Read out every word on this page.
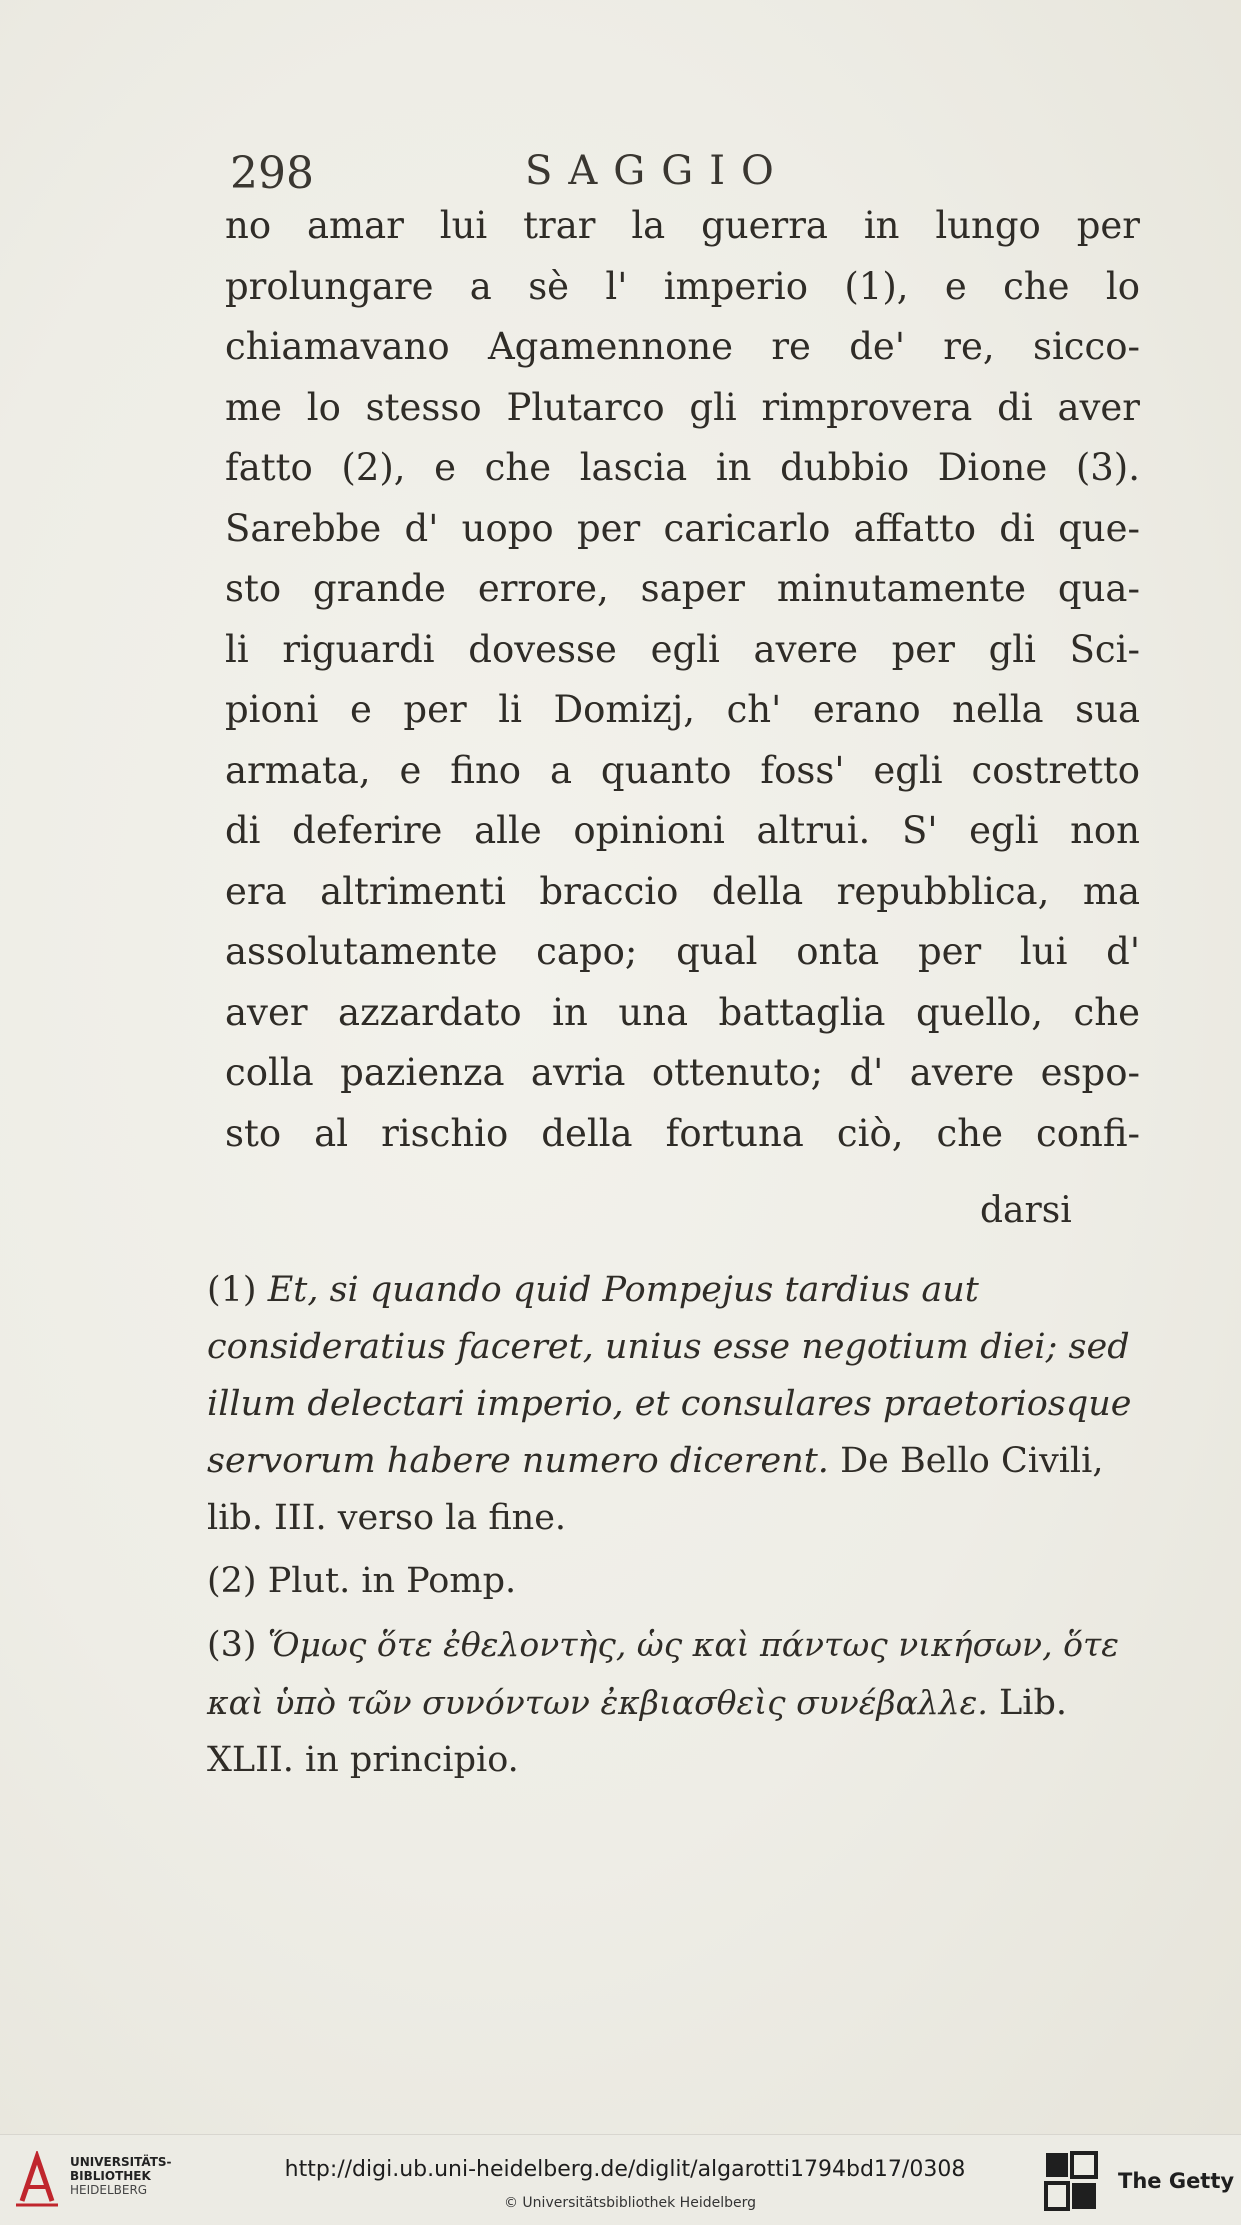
298	SAGGIO
no amar lui trar la guerra in lungo per
prolungare a sè l' imperio (1), e che lo
chiamavano Agamennone re de' re, sicco-
me lo stesso Plutarco gli rimprovera di aver
fatto (2), e che lascia in dubbio Dione (3).
Sarebbe d' uopo per caricarlo affatto di que-
sto grande errore, saper minutamente qua-
li riguardi dovesse egli avere per gli Sci-
pioni e per li Domizj, ch' erano nella sua
armata, e fino a quanto foss' egli costretto
di deferire alle opinioni altrui. S' egli non
era altrimenti braccio della repubblica, ma
assolutamente capo; qual onta per lui d'
aver azzardato in una battaglia quello, che
colla pazienza avria ottenuto; d' avere espo-
sto al rischio della fortuna ciò, che confi-
darsi

(1) Et, si quando quid Pompejus tardius aut consideratius faceret, unius esse negotium diei; sed illum delectari imperio, et consulares praetoriosque servorum habere numero dicerent. De Bello Civili, lib. III. verso la fine.

(2) Plut. in Pomp.

(3) Ὅμως ὅτε ἐθελοντὴς, ὡς καὶ πάντως νικήσων, ὅτε καὶ ὑπὸ τῶν συνόντων ἐκβιασθεὶς συνέβαλλε. Lib. XLII. in principio.

UNIVERSITÄTS-
BIBLIOTHEK
HEIDELBERG
http://digi.ub.uni-heidelberg.de/diglit/algarotti1794bd17/0308
© Universitätsbibliothek Heidelberg
The Getty
